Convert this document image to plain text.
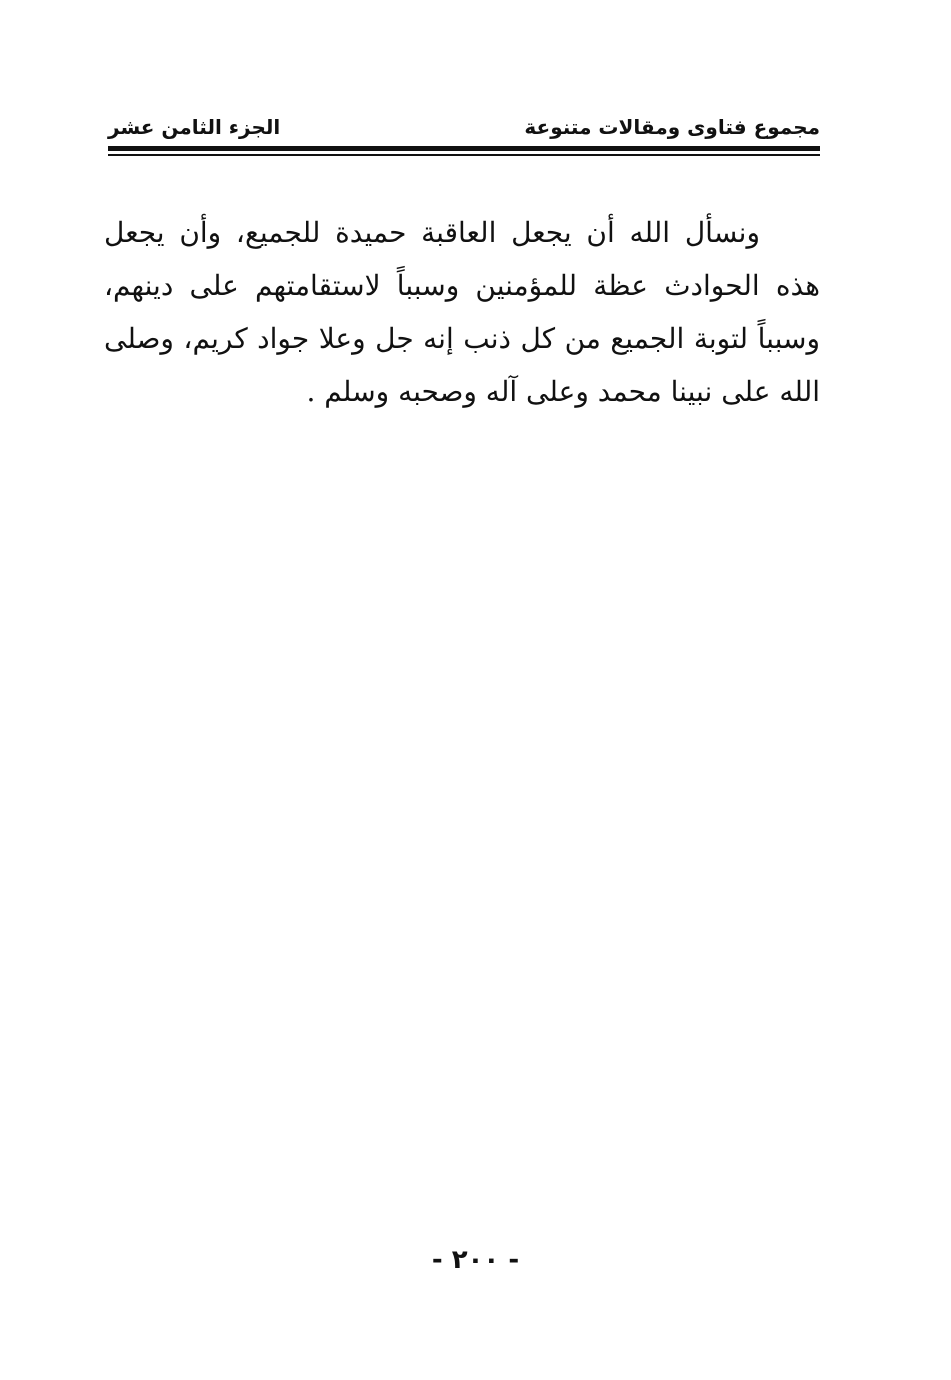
مجموع فتاوى ومقالات متنوعة
الجزء الثامن عشر

ونسأل الله أن يجعل العاقبة حميدة للجميع، وأن يجعل هذه الحوادث عظة للمؤمنين وسبباً لاستقامتهم على دينهم، وسبباً لتوبة الجميع من كل ذنب إنه جل وعلا جواد كريم، وصلى الله على نبينا محمد وعلى آله وصحبه وسلم .

- ٢٠٠ -
